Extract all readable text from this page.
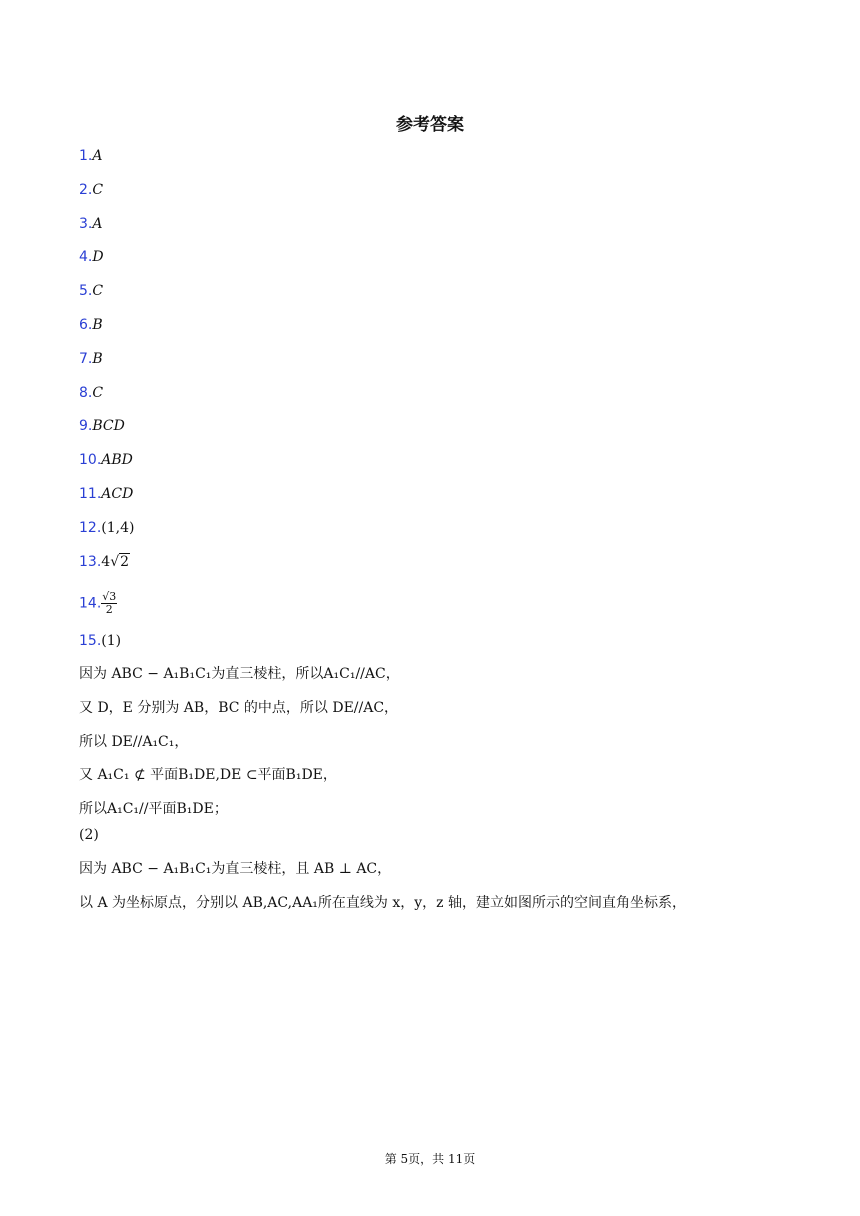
参考答案
1.A
2.C
3.A
4.D
5.C
6.B
7.B
8.C
9.BCD
10.ABD
11.ACD
12.(1,4)
13.4√2
14. $\frac{√3}{2}$
15.(1)
因为 ABC − A₁B₁C₁为直三棱柱，所以A₁C₁//AC，
又 D，E 分别为 AB，BC 的中点，所以 DE//AC，
所以 DE//A₁C₁，
又 A₁C₁ ⊄ 平面B₁DE,DE ⊂平面B₁DE，
所以A₁C₁//平面B₁DE；
(2)
因为 ABC − A₁B₁C₁为直三棱柱，且 AB ⊥ AC，
以 A 为坐标原点，分别以 AB,AC,AA₁所在直线为 x，y，z 轴，建立如图所示的空间直角坐标系，
第 5页，共 11页
